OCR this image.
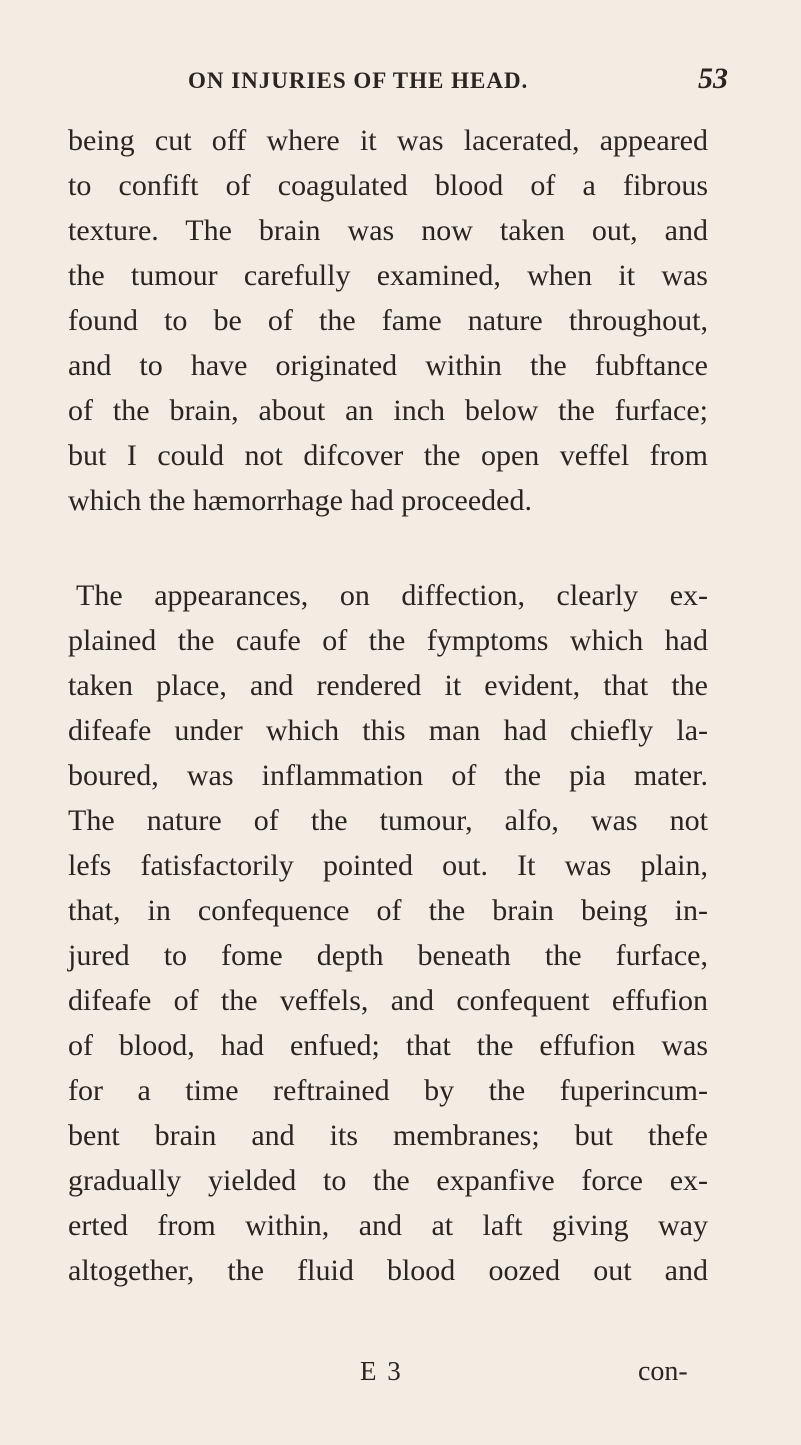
ON INJURIES OF THE HEAD.	53
being cut off where it was lacerated, appeared
to confift of coagulated blood of a fibrous
texture. The brain was now taken out, and
the tumour carefully examined, when it was
found to be of the fame nature throughout,
and to have originated within the fubftance
of the brain, about an inch below the furface;
but I could not difcover the open veffel from
which the hæmorrhage had proceeded.
The appearances, on diffection, clearly ex-
plained the caufe of the fymptoms which had
taken place, and rendered it evident, that the
difeafe under which this man had chiefly la-
boured, was inflammation of the pia mater.
The nature of the tumour, alfo, was not
lefs fatisfactorily pointed out. It was plain,
that, in confequence of the brain being in-
jured to fome depth beneath the furface,
difeafe of the veffels, and confequent effufion
of blood, had enfued; that the effufion was
for a time reftrained by the fuperincum-
bent brain and its membranes; but thefe
gradually yielded to the expanfive force ex-
erted from within, and at laft giving way
altogether, the fluid blood oozed out and
E 3	con-
